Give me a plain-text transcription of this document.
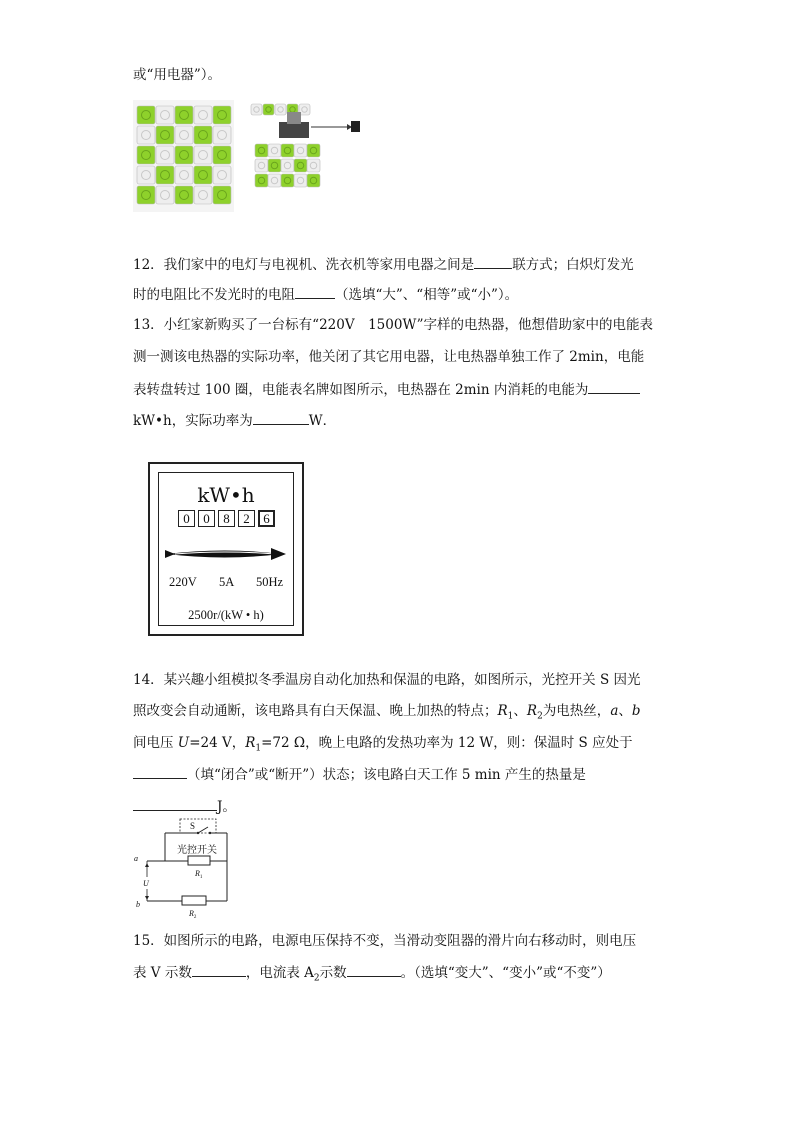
或“用电器”）。
12．我们家中的电灯与电视机、洗衣机等家用电器之间是	联方式；白炽灯发光
时的电阻比不发光时的电阻	（选填“大”、“相等”或“小”）。
13．小红家新购买了一台标有“220V　1500W”字样的电热器，他想借助家中的电能表
测一测该电热器的实际功率，他关闭了其它用电器，让电热器单独工作了 2min，电能
表转盘转过 100 圈，电能表名牌如图所示，电热器在 2min 内消耗的电能为
kW•h，实际功率为	W．
kW•h
0	0	8	2	6
220V 5A 50Hz
2500r/(kW • h)
14．某兴趣小组模拟冬季温房自动化加热和保温的电路，如图所示，光控开关 S 因光
照改变会自动通断，该电路具有白天保温、晚上加热的特点；$R_1$、$R_2$为电热丝，a、b
间电压 U=24 V，$R_1=72$ Ω，晚上电路的发热功率为 12 W，则：保温时 S 应处于
（填“闭合”或“断开”）状态；该电路白天工作 5 min 产生的热量是
J。
S
光控开关
$R_1$
a
b
U
$R_2$
15．如图所示的电路，电源电压保持不变，当滑动变阻器的滑片向右移动时，则电压
表 V 示数	，电流表 $A_2$示数	。（选填“变大”、“变小”或“不变”）
